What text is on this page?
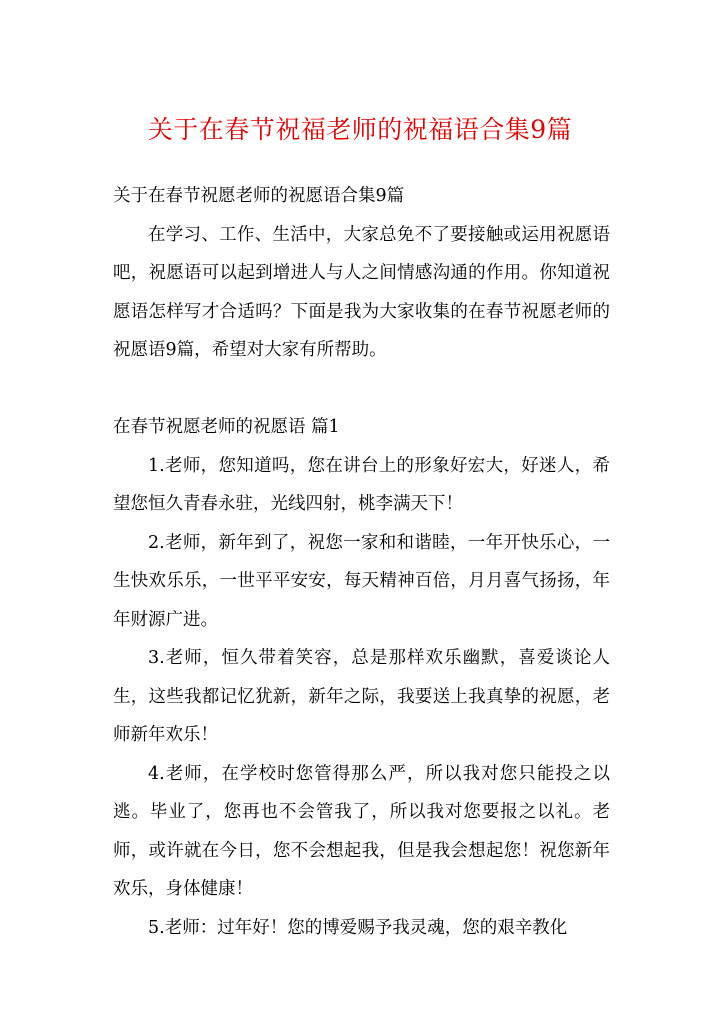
关于在春节祝福老师的祝福语合集9篇

关于在春节祝愿老师的祝愿语合集9篇

在学习、工作、生活中，大家总免不了要接触或运用祝愿语吧，祝愿语可以起到增进人与人之间情感沟通的作用。你知道祝愿语怎样写才合适吗？下面是我为大家收集的在春节祝愿老师的祝愿语9篇，希望对大家有所帮助。

在春节祝愿老师的祝愿语 篇1

1.老师，您知道吗，您在讲台上的形象好宏大，好迷人，希望您恒久青春永驻，光线四射，桃李满天下！

2.老师，新年到了，祝您一家和和谐睦，一年开快乐心，一生快欢乐乐，一世平平安安，每天精神百倍，月月喜气扬扬，年年财源广进。

3.老师，恒久带着笑容，总是那样欢乐幽默，喜爱谈论人生，这些我都记忆犹新，新年之际，我要送上我真挚的祝愿，老师新年欢乐！

4.老师，在学校时您管得那么严，所以我对您只能投之以逃。毕业了，您再也不会管我了，所以我对您要报之以礼。老师，或许就在今日，您不会想起我，但是我会想起您！祝您新年欢乐，身体健康！

5.老师：过年好！您的博爱赐予我灵魂，您的艰辛教化
